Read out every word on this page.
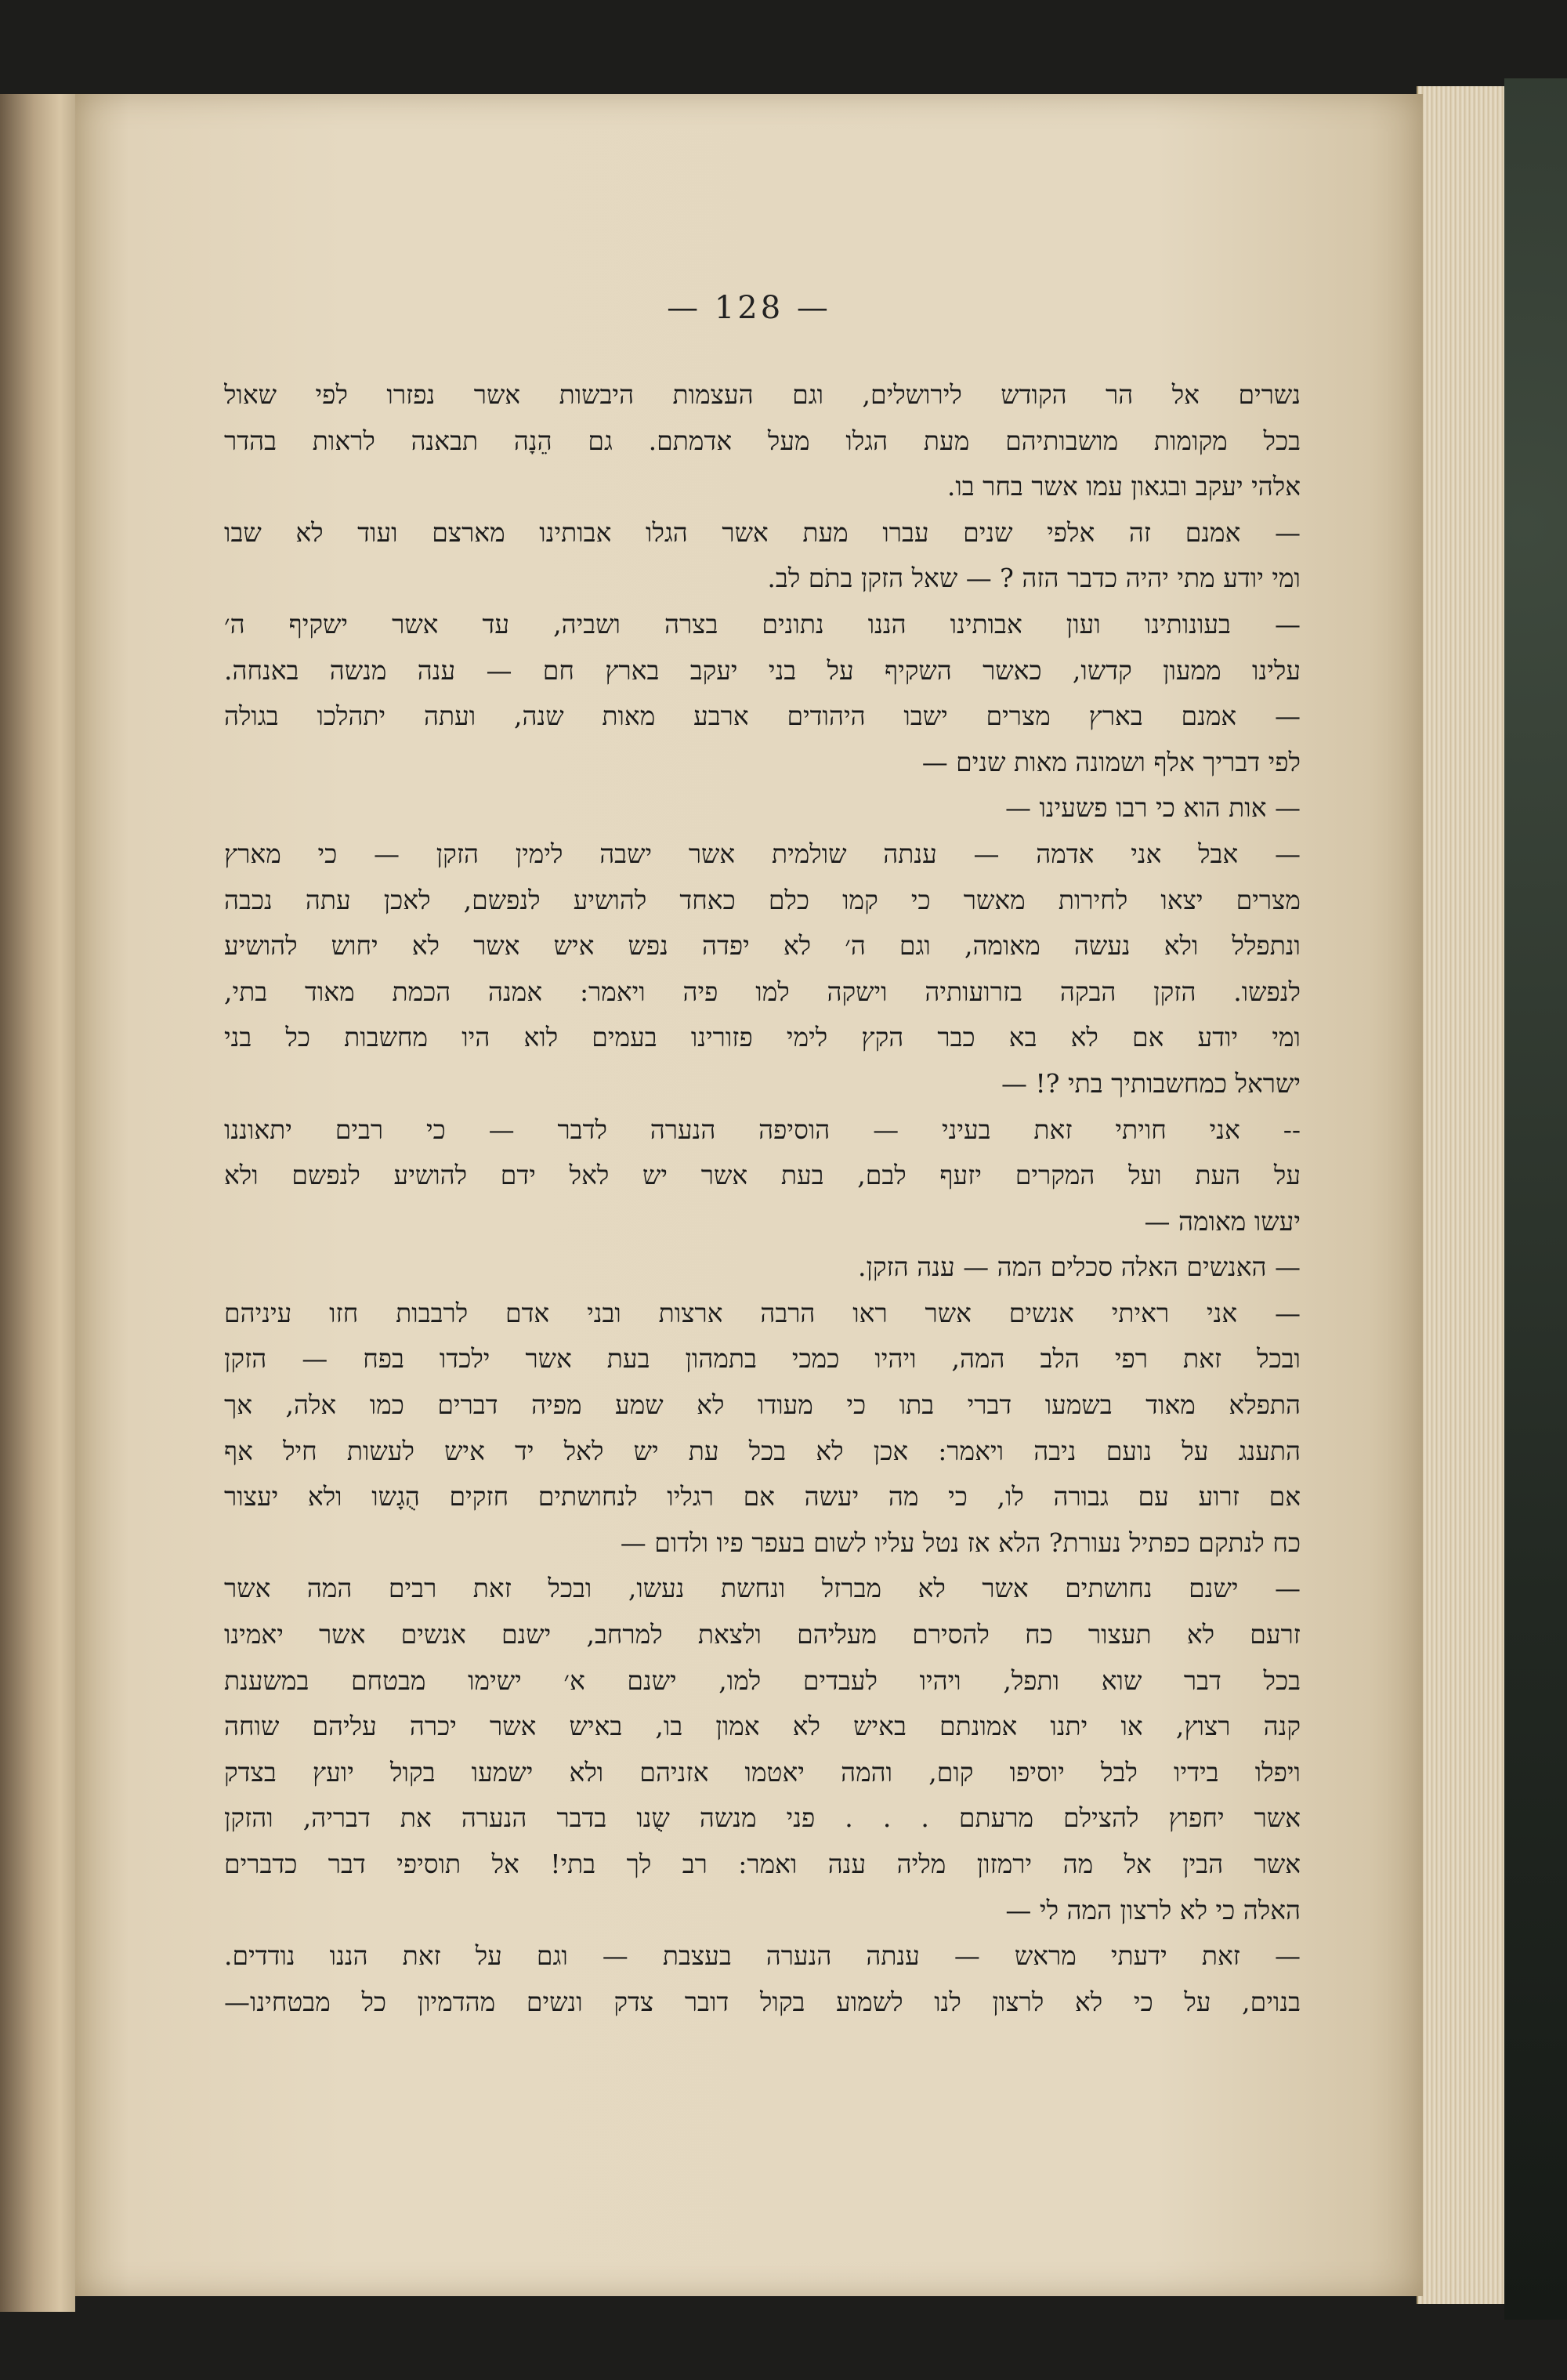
— 128 —
נשרים אל הר הקודש לירושלים, וגם העצמות היבשות אשר נפזרו לפי שאול
בכל מקומות מושבותיהם מעת הגלו מעל אדמתם. גם הֵנָה תבאנה לראות בהדר
אלהי יעקב ובגאון עמו אשר בחר בו.
— אמנם זה אלפי שנים עברו מעת אשר הגלו אבותינו מארצם ועוד לא שבו
ומי יודע מתי יהיה כדבר הזה ? — שאל הזקן בתֹם לב.
— בעונותינו ועון אבותינו הננו נתונים בצרה ושביה, עד אשר ישקיף ה׳
עלינו ממעון קדשו, כאשר השקיף על בני יעקב בארץ חם — ענה מנשה באנחה.
— אמנם בארץ מצרים ישבו היהודים ארבע מאות שנה, ועתה יתהלכו בגולה
לפי דבריך אלף ושמונה מאות שנים —
— אות הוא כי רבו פשעינו —
— אבל אני אדמה — ענתה שולמית אשר ישבה לימין הזקן — כי מארץ
מצרים יצאו לחירות מאשר כי קמו כלם כאחד להושיע לנפשם, לאכן עתה נכבה
ונתפלל ולא נעשה מאומה, וגם ה׳ לא יפדה נפש איש אשר לא יחוש להושיע
לנפשו. הזקן הבקה בזרועותיה וישקה למו פיה ויאמר: אמנה הכמת מאוד בתי,
ומי יודע אם לא בא כבר הקץ לימי פזורינו בעמים לוא היו מחשבות כל בני
ישראל כמחשבותיך בתי ?! —
-- אני חויתי זאת בעיני — הוסיפה הנערה לדבר — כי רבים יתאוננו
על העת ועל המקרים יזעף לבם, בעת אשר יש לאל ידם להושיע לנפשם ולא
יעשו מאומה —
— האנשים האלה סכלים המה — ענה הזקן.
— אני ראיתי אנשים אשר ראו הרבה ארצות ובני אדם לרבבות חזו עיניהם
ובכל זאת רפי הלב המה, ויהיו כמכי בתמהון בעת אשר ילכדו בפח — הזקן
התפלא מאוד בשמעו דברי בתו כי מעודו לא שמע מפיה דברים כמו אלה, אך
התענג על נועם ניבה ויאמר: אכן לא בכל עת יש לאל יד איש לעשות חיל אף
אם זרוע עם גבורה לו, כי מה יעשה אם רגליו לנחושתים חזקים הֻגָשו ולא יעצור
כח לנתקם כפתיל נעורת? הלא אז נטל עליו לשום בעפר פיו ולדום —
— ישנם נחושתים אשר לא מברזל ונחשת נעשו, ובכל זאת רבים המה אשר
זרעם לא תעצור כח להסירם מעליהם ולצאת למרחב, ישנם אנשים אשר יאמינו
בכל דבר שוא ותפל, ויהיו לעבדים למו, ישנם א׳ ישימו מבטחם במשענת
קנה רצוץ, או יתנו אמונתם באיש לא אמון בו, באיש אשר יכרה עליהם שוחה
ויפלו בידיו לבל יוסיפו קום, והמה יאטמו אזניהם ולא ישמעו בקול יועץ בצדק
אשר יחפוץ להצילם מרעתם . . . פני מנשה שֻנו בדבר הנערה את דבריה, והזקן
אשר הבין אל מה ירמזון מליה ענה ואמר: רב לך בתי! אל תוסיפי דבר כדברים
האלה כי לא לרצון המה לי —
— זאת ידעתי מראש — ענתה הנערה בעצבת — וגם על זאת הננו נודדים.
בנוים, על כי לא לרצון לנו לשמוע בקול דובר צדק ונשים מהדמיון כל מבטחינו—
